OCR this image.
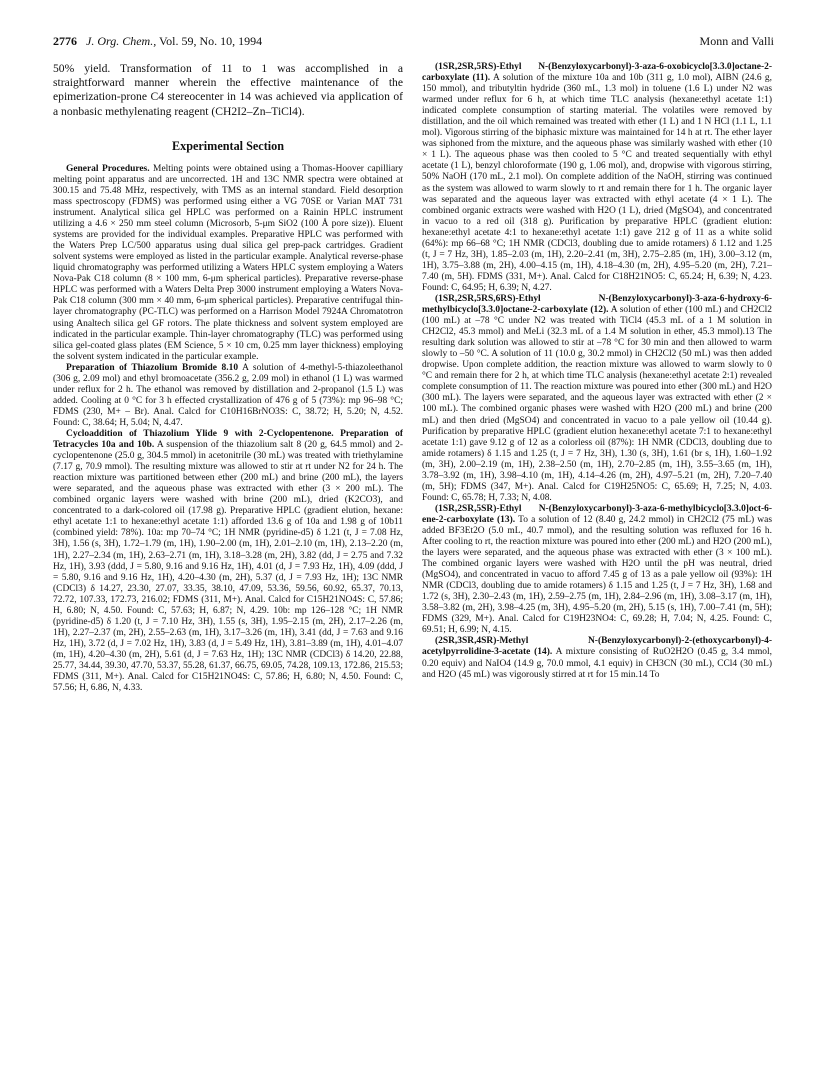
2776 J. Org. Chem., Vol. 59, No. 10, 1994	Monn and Valli

50% yield. Transformation of 11 to 1 was accomplished in a straightforward manner wherein the effective maintenance of the epimerization-prone C4 stereocenter in 14 was achieved via application of a nonbasic methylenating reagent (CH2I2–Zn–TiCl4).

Experimental Section

General Procedures. Melting points were obtained using a Thomas-Hoover capilliary melting point apparatus and are uncorrected. 1H and 13C NMR spectra were obtained at 300.15 and 75.48 MHz, respectively, with TMS as an internal standard. Field desorption mass spectroscopy (FDMS) was performed using either a VG 70SE or Varian MAT 731 instrument. Analytical silica gel HPLC was performed on a Rainin HPLC instrument utilizing a 4.6 × 250 mm steel column (Microsorb, 5-μm SiO2 (100 Å pore size)). Eluent systems are provided for the individual examples. Preparative HPLC was performed with the Waters Prep LC/500 apparatus using dual silica gel prep-pack cartridges. Gradient solvent systems were employed as listed in the particular example. Analytical reverse-phase liquid chromatography was performed utilizing a Waters HPLC system employing a Waters Nova-Pak C18 column (8 × 100 mm, 6-μm spherical particles). Preparative reverse-phase HPLC was performed with a Waters Delta Prep 3000 instrument employing a Waters Nova-Pak C18 column (300 mm × 40 mm, 6-μm spherical particles). Preparative centrifugal thin-layer chromatography (PC-TLC) was performed on a Harrison Model 7924A Chromatotron using Analtech silica gel GF rotors. The plate thickness and solvent system employed are indicated in the particular example. Thin-layer chromatography (TLC) was performed using silica gel-coated glass plates (EM Science, 5 × 10 cm, 0.25 mm layer thickness) employing the solvent system indicated in the particular example.

Preparation of Thiazolium Bromide 8.10 A solution of 4-methyl-5-thiazoleethanol (306 g, 2.09 mol) and ethyl bromoacetate (356.2 g, 2.09 mol) in ethanol (1 L) was warmed under reflux for 2 h. The ethanol was removed by distillation and 2-propanol (1.5 L) was added. Cooling at 0 °C for 3 h effected crystallization of 476 g of 5 (73%): mp 96–98 °C; FDMS (230, M+ – Br). Anal. Calcd for C10H16BrNO3S: C, 38.72; H, 5.20; N, 4.52. Found: C, 38.64; H, 5.04; N, 4.47.

Cycloaddition of Thiazolium Ylide 9 with 2-Cyclopentenone. Preparation of Tetracycles 10a and 10b. A suspension of the thiazolium salt 8 (20 g, 64.5 mmol) and 2-cyclopentenone (25.0 g, 304.5 mmol) in acetonitrile (30 mL) was treated with triethylamine (7.17 g, 70.9 mmol). The resulting mixture was allowed to stir at rt under N2 for 24 h. The reaction mixture was partitioned between ether (200 mL) and brine (200 mL), the layers were separated, and the aqueous phase was extracted with ether (3 × 200 mL). The combined organic layers were washed with brine (200 mL), dried (K2CO3), and concentrated to a dark-colored oil (17.98 g). Preparative HPLC (gradient elution, hexane: ethyl acetate 1:1 to hexane:ethyl acetate 1:1) afforded 13.6 g of 10a and 1.98 g of 10b11 (combined yield: 78%). 10a: mp 70–74 °C; 1H NMR (pyridine-d5) δ 1.21 (t, J = 7.08 Hz, 3H), 1.56 (s, 3H), 1.72–1.79 (m, 1H), 1.90–2.00 (m, 1H), 2.01–2.10 (m, 1H), 2.13–2.20 (m, 1H), 2.27–2.34 (m, 1H), 2.63–2.71 (m, 1H), 3.18–3.28 (m, 2H), 3.82 (dd, J = 2.75 and 7.32 Hz, 1H), 3.93 (ddd, J = 5.80, 9.16 and 9.16 Hz, 1H), 4.01 (d, J = 7.93 Hz, 1H), 4.09 (ddd, J = 5.80, 9.16 and 9.16 Hz, 1H), 4.20–4.30 (m, 2H), 5.37 (d, J = 7.93 Hz, 1H); 13C NMR (CDCl3) δ 14.27, 23.30, 27.07, 33.35, 38.10, 47.09, 53.36, 59.56, 60.92, 65.37, 70.13, 72.72, 107.33, 172.73, 216.02; FDMS (311, M+). Anal. Calcd for C15H21NO4S: C, 57.86; H, 6.80; N, 4.50. Found: C, 57.63; H, 6.87; N, 4.29. 10b: mp 126–128 °C; 1H NMR (pyridine-d5) δ 1.20 (t, J = 7.10 Hz, 3H), 1.55 (s, 3H), 1.95–2.15 (m, 2H), 2.17–2.26 (m, 1H), 2.27–2.37 (m, 2H), 2.55–2.63 (m, 1H), 3.17–3.26 (m, 1H), 3.41 (dd, J = 7.63 and 9.16 Hz, 1H), 3.72 (d, J = 7.02 Hz, 1H), 3.83 (d, J = 5.49 Hz, 1H), 3.81–3.89 (m, 1H), 4.01–4.07 (m, 1H), 4.20–4.30 (m, 2H), 5.61 (d, J = 7.63 Hz, 1H); 13C NMR (CDCl3) δ 14.20, 22.88, 25.77, 34.44, 39.30, 47.70, 53.37, 55.28, 61.37, 66.75, 69.05, 74.28, 109.13, 172.86, 215.53; FDMS (311, M+). Anal. Calcd for C15H21NO4S: C, 57.86; H, 6.80; N, 4.50. Found: C, 57.56; H, 6.86, N, 4.33.

(1SR,2SR,5RS)-Ethyl N-(Benzyloxycarbonyl)-3-aza-6-oxobicyclo[3.3.0]octane-2-carboxylate (11). A solution of the mixture 10a and 10b (311 g, 1.0 mol), AIBN (24.6 g, 150 mmol), and tributyltin hydride (360 mL, 1.3 mol) in toluene (1.6 L) under N2 was warmed under reflux for 6 h, at which time TLC analysis (hexane:ethyl acetate 1:1) indicated complete consumption of starting material. The volatiles were removed by distillation, and the oil which remained was treated with ether (1 L) and 1 N HCl (1.1 L, 1.1 mol). Vigorous stirring of the biphasic mixture was maintained for 14 h at rt. The ether layer was siphoned from the mixture, and the aqueous phase was similarly washed with ether (10 × 1 L). The aqueous phase was then cooled to 5 °C and treated sequentially with ethyl acetate (1 L), benzyl chloroformate (190 g, 1.06 mol), and, dropwise with vigorous stirring, 50% NaOH (170 mL, 2.1 mol). On complete addition of the NaOH, stirring was continued as the system was allowed to warm slowly to rt and remain there for 1 h. The organic layer was separated and the aqueous layer was extracted with ethyl acetate (4 × 1 L). The combined organic extracts were washed with H2O (1 L), dried (MgSO4), and concentrated in vacuo to a red oil (318 g). Purification by preparative HPLC (gradient elution: hexane:ethyl acetate 4:1 to hexane:ethyl acetate 1:1) gave 212 g of 11 as a white solid (64%): mp 66–68 °C; 1H NMR (CDCl3, doubling due to amide rotamers) δ 1.12 and 1.25 (t, J = 7 Hz, 3H), 1.85–2.03 (m, 1H), 2.20–2.41 (m, 3H), 2.75–2.85 (m, 1H), 3.00–3.12 (m, 1H), 3.75–3.88 (m, 2H), 4.00–4.15 (m, 1H), 4.18–4.30 (m, 2H), 4.95–5.20 (m, 2H), 7.21–7.40 (m, 5H). FDMS (331, M+). Anal. Calcd for C18H21NO5: C, 65.24; H, 6.39; N, 4.23. Found: C, 64.95; H, 6.39; N, 4.27.

(1SR,2SR,5RS,6RS)-Ethyl N-(Benzyloxycarbonyl)-3-aza-6-hydroxy-6-methylbicyclo[3.3.0]octane-2-carboxylate (12). A solution of ether (100 mL) and CH2Cl2 (100 mL) at –78 °C under N2 was treated with TiCl4 (45.3 mL of a 1 M solution in CH2Cl2, 45.3 mmol) and MeLi (32.3 mL of a 1.4 M solution in ether, 45.3 mmol).13 The resulting dark solution was allowed to stir at –78 °C for 30 min and then allowed to warm slowly to –50 °C. A solution of 11 (10.0 g, 30.2 mmol) in CH2Cl2 (50 mL) was then added dropwise. Upon complete addition, the reaction mixture was allowed to warm slowly to 0 °C and remain there for 2 h, at which time TLC analysis (hexane:ethyl acetate 2:1) revealed complete consumption of 11. The reaction mixture was poured into ether (300 mL) and H2O (300 mL). The layers were separated, and the aqueous layer was extracted with ether (2 × 100 mL). The combined organic phases were washed with H2O (200 mL) and brine (200 mL) and then dried (MgSO4) and concentrated in vacuo to a pale yellow oil (10.44 g). Purification by preparative HPLC (gradient elution hexane:ethyl acetate 7:1 to hexane:ethyl acetate 1:1) gave 9.12 g of 12 as a colorless oil (87%): 1H NMR (CDCl3, doubling due to amide rotamers) δ 1.15 and 1.25 (t, J = 7 Hz, 3H), 1.30 (s, 3H), 1.61 (br s, 1H), 1.60–1.92 (m, 3H), 2.00–2.19 (m, 1H), 2.38–2.50 (m, 1H), 2.70–2.85 (m, 1H), 3.55–3.65 (m, 1H), 3.78–3.92 (m, 1H), 3.98–4.10 (m, 1H), 4.14–4.26 (m, 2H), 4.97–5.21 (m, 2H), 7.20–7.40 (m, 5H); FDMS (347, M+). Anal. Calcd for C19H25NO5: C, 65.69; H, 7.25; N, 4.03. Found: C, 65.78; H, 7.33; N, 4.08.

(1SR,2SR,5SR)-Ethyl N-(Benzyloxycarbonyl)-3-aza-6-methylbicyclo[3.3.0]oct-6-ene-2-carboxylate (13). To a solution of 12 (8.40 g, 24.2 mmol) in CH2Cl2 (75 mL) was added BF3Et2O (5.0 mL, 40.7 mmol), and the resulting solution was refluxed for 16 h. After cooling to rt, the reaction mixture was poured into ether (200 mL) and H2O (200 mL), the layers were separated, and the aqueous phase was extracted with ether (3 × 100 mL). The combined organic layers were washed with H2O until the pH was neutral, dried (MgSO4), and concentrated in vacuo to afford 7.45 g of 13 as a pale yellow oil (93%): 1H NMR (CDCl3, doubling due to amide rotamers) δ 1.15 and 1.25 (t, J = 7 Hz, 3H), 1.68 and 1.72 (s, 3H), 2.30–2.43 (m, 1H), 2.59–2.75 (m, 1H), 2.84–2.96 (m, 1H), 3.08–3.17 (m, 1H), 3.58–3.82 (m, 2H), 3.98–4.25 (m, 3H), 4.95–5.20 (m, 2H), 5.15 (s, 1H), 7.00–7.41 (m, 5H); FDMS (329, M+). Anal. Calcd for C19H23NO4: C, 69.28; H, 7.04; N, 4.25. Found: C, 69.51; H, 6.99; N, 4.15.

(2SR,3SR,4SR)-Methyl N-(Benzyloxycarbonyl)-2-(ethoxycarbonyl)-4-acetylpyrrolidine-3-acetate (14). A mixture consisting of RuO2H2O (0.45 g, 3.4 mmol, 0.20 equiv) and NaIO4 (14.9 g, 70.0 mmol, 4.1 equiv) in CH3CN (30 mL), CCl4 (30 mL) and H2O (45 mL) was vigorously stirred at rt for 15 min.14 To
